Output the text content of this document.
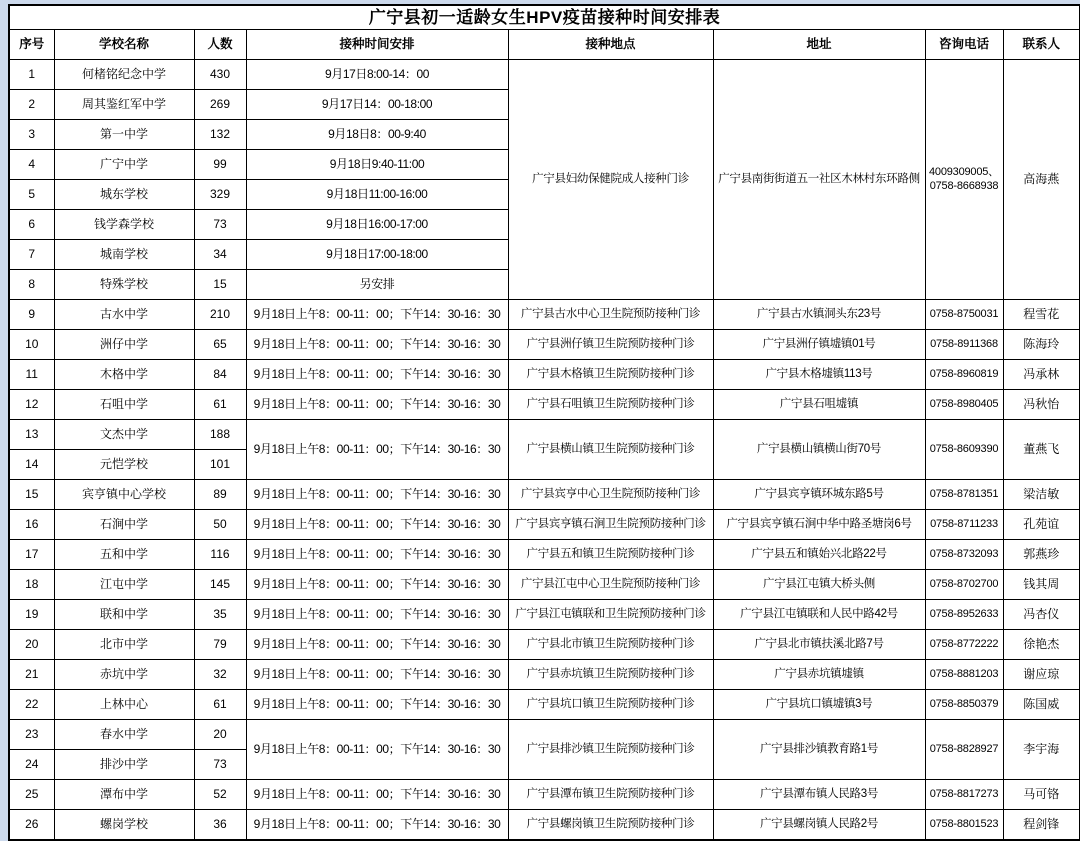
广宁县初一适龄女生HPV疫苗接种时间安排表							
序号	学校名称	人数	接种时间安排	接种地点	地址	咨询电话	联系人
1	何楮铭纪念中学	430	9月17日8:00-14：00	广宁县妇幼保健院成人接种门诊	广宁县南街街道五一社区木林村东环路侧	4009309005、0758-8668938	高海燕
2	周其鉴红军中学	269	9月17日14：00-18:00				
3	第一中学	132	9月18日8：00-9:40				
4	广宁中学	99	9月18日9:40-11:00				
5	城东学校	329	9月18日11:00-16:00				
6	钱学森学校	73	9月18日16:00-17:00				
7	城南学校	34	9月18日17:00-18:00				
8	特殊学校	15	另安排				
9	古水中学	210	9月18日上午8：00-11：00；下午14：30-16：30	广宁县古水中心卫生院预防接种门诊	广宁县古水镇洞头东23号	0758-8750031	程雪花
10	洲仔中学	65	9月18日上午8：00-11：00；下午14：30-16：30	广宁县洲仔镇卫生院预防接种门诊	广宁县洲仔镇墟镇01号	0758-8911368	陈海玲
11	木格中学	84	9月18日上午8：00-11：00；下午14：30-16：30	广宁县木格镇卫生院预防接种门诊	广宁县木格墟镇113号	0758-8960819	冯承林
12	石咀中学	61	9月18日上午8：00-11：00；下午14：30-16：30	广宁县石咀镇卫生院预防接种门诊	广宁县石咀墟镇	0758-8980405	冯秋怡
13	文杰中学	188	9月18日上午8：00-11：00；下午14：30-16：30	广宁县横山镇卫生院预防接种门诊	广宁县横山镇横山街70号	0758-8609390	董燕飞
14	元恺学校	101					
15	宾亨镇中心学校	89	9月18日上午8：00-11：00；下午14：30-16：30	广宁县宾亨中心卫生院预防接种门诊	广宁县宾亨镇环城东路5号	0758-8781351	梁洁敏
16	石涧中学	50	9月18日上午8：00-11：00；下午14：30-16：30	广宁县宾亨镇石涧卫生院预防接种门诊	广宁县宾亨镇石涧中华中路圣塘岗6号	0758-8711233	孔苑谊
17	五和中学	116	9月18日上午8：00-11：00；下午14：30-16：30	广宁县五和镇卫生院预防接种门诊	广宁县五和镇始兴北路22号	0758-8732093	郭燕珍
18	江屯中学	145	9月18日上午8：00-11：00；下午14：30-16：30	广宁县江屯中心卫生院预防接种门诊	广宁县江屯镇大桥头侧	0758-8702700	钱其周
19	联和中学	35	9月18日上午8：00-11：00；下午14：30-16：30	广宁县江屯镇联和卫生院预防接种门诊	广宁县江屯镇联和人民中路42号	0758-8952633	冯杏仪
20	北市中学	79	9月18日上午8：00-11：00；下午14：30-16：30	广宁县北市镇卫生院预防接种门诊	广宁县北市镇扶溪北路7号	0758-8772222	徐艳杰
21	赤坑中学	32	9月18日上午8：00-11：00；下午14：30-16：30	广宁县赤坑镇卫生院预防接种门诊	广宁县赤坑镇墟镇	0758-8881203	谢应琼
22	上林中心	61	9月18日上午8：00-11：00；下午14：30-16：30	广宁县坑口镇卫生院预防接种门诊	广宁县坑口镇墟镇3号	0758-8850379	陈国威
23	春水中学	20	9月18日上午8：00-11：00；下午14：30-16：30	广宁县排沙镇卫生院预防接种门诊	广宁县排沙镇教育路1号	0758-8828927	李宇海
24	排沙中学	73					
25	潭布中学	52	9月18日上午8：00-11：00；下午14：30-16：30	广宁县潭布镇卫生院预防接种门诊	广宁县潭布镇人民路3号	0758-8817273	马可铬
26	螺岗学校	36	9月18日上午8：00-11：00；下午14：30-16：30	广宁县螺岗镇卫生院预防接种门诊	广宁县螺岗镇人民路2号	0758-8801523	程剑锋
